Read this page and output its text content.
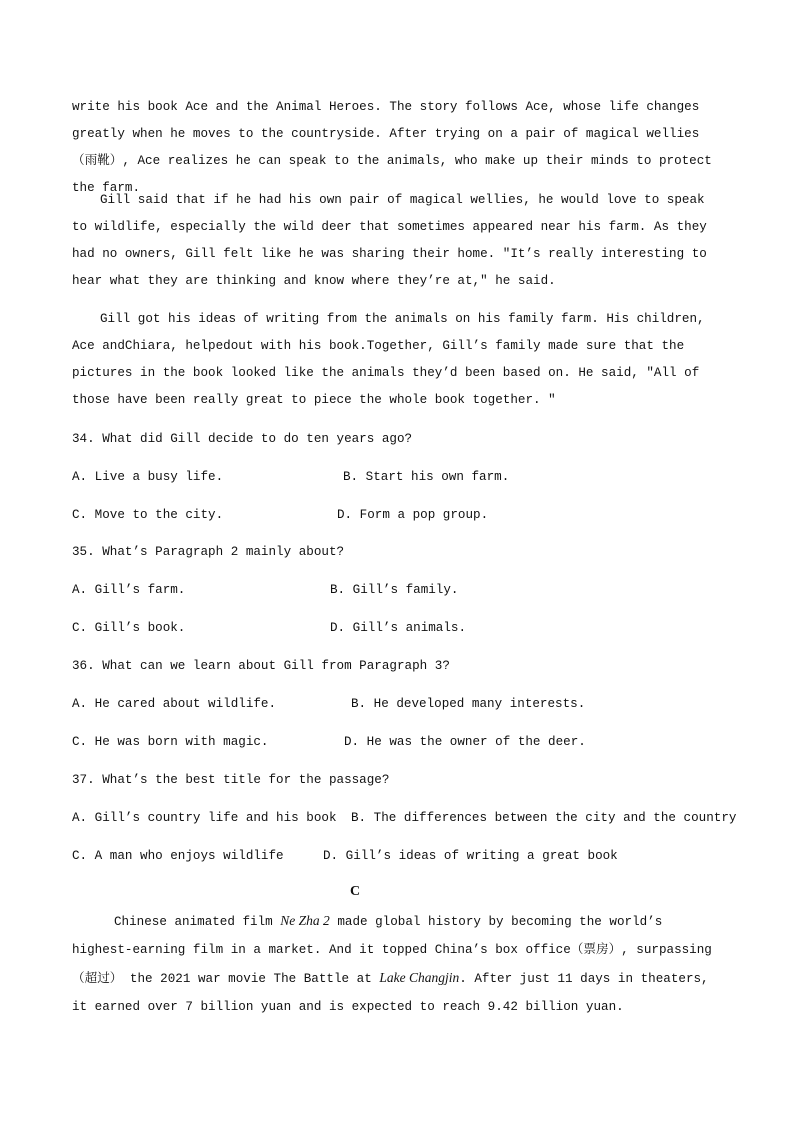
write his book Ace and the Animal Heroes. The story follows Ace, whose life changes greatly when he moves to the countryside. After trying on a pair of magical wellies（雨靴）, Ace realizes he can speak to the animals, who make up their minds to protect the farm.

Gill said that if he had his own pair of magical wellies, he would love to speak to wildlife, especially the wild deer that sometimes appeared near his farm. As they had no owners, Gill felt like he was sharing their home. ″It’s really interesting to hear what they are thinking and know where they’re at,″ he said.

Gill got his ideas of writing from the animals on his family farm. His children, Ace andChiara, helpedout with his book.Together, Gill’s family made sure that the pictures in the book looked like the animals they’d been based on. He said, ″All of those have been really great to piece the whole book together. ″

34. What did Gill decide to do ten years ago?
A. Live a busy life.	B. Start his own farm.
C. Move to the city.	D. Form a pop group.
35. What’s Paragraph 2 mainly about?
A. Gill’s farm.	B. Gill’s family.
C. Gill’s book.	D. Gill’s animals.
36. What can we learn about Gill from Paragraph 3?
A. He cared about wildlife.	B. He developed many interests.
C. He was born with magic.	D. He was the owner of the deer.
37. What’s the best title for the passage?
A. Gill’s country life and his book B. The differences between the city and the country
C. A man who enjoys wildlife	D. Gill’s ideas of writing a great book
C

Chinese animated film Ne Zha 2 made global history by becoming the world’s highest-earning film in a market. And it topped China’s box office（票房）, surpassing（超过） the 2021 war movie The Battle at Lake Changjin. After just 11 days in theaters, it earned over 7 billion yuan and is expected to reach 9.42 billion yuan.
